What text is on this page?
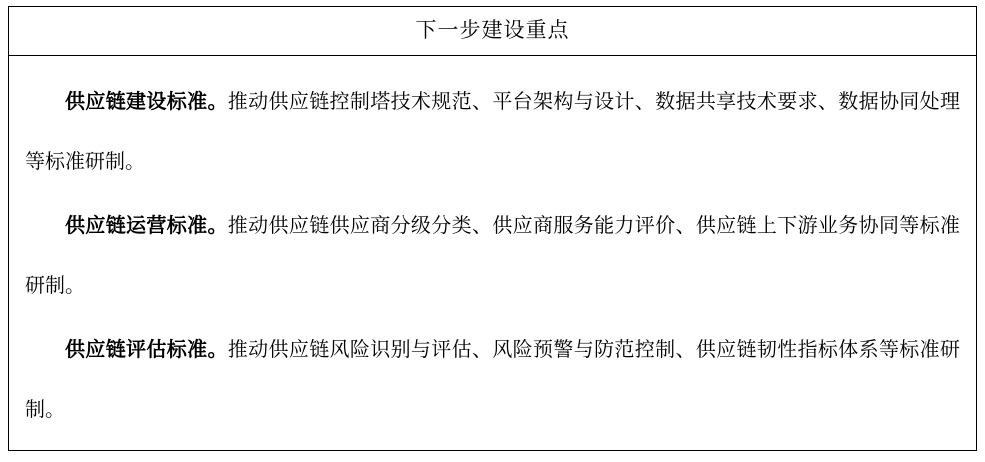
下一步建设重点

供应链建设标准。推动供应链控制塔技术规范、平台架构与设计、数据共享技术要求、数据协同处理等标准研制。

供应链运营标准。推动供应链供应商分级分类、供应商服务能力评价、供应链上下游业务协同等标准研制。

供应链评估标准。推动供应链风险识别与评估、风险预警与防范控制、供应链韧性指标体系等标准研制。
